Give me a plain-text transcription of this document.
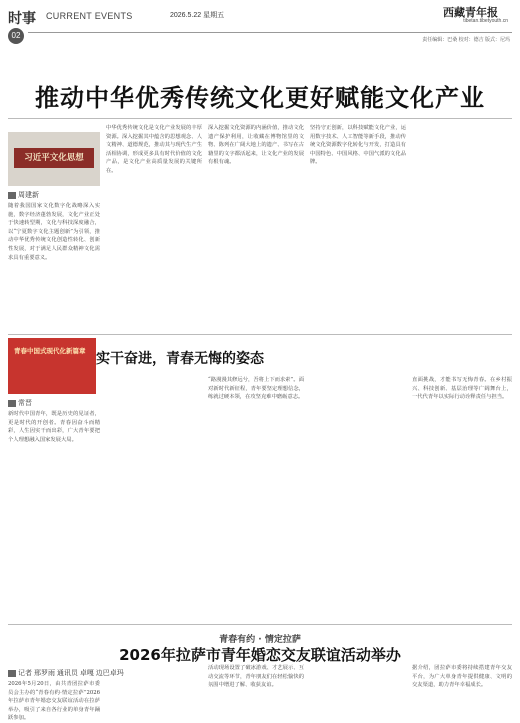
时事 CURRENT EVENTS
02
2026.5.22 星期五	西藏青年报
tibetan.tibetyouth.cn
责任编辑：巴桑 校对：德吉 版式：尼玛
推动中华优秀传统文化更好赋能文化产业
习近平文化思想
周建新

随着我国国家文化数字化战略深入实施，数字经济蓬勃发展，文化产业正处于快速转型期，文化与科技深度融合，以“宁夏数字文化主题创新”为引领，推动中华优秀传统文化创造性转化、创新性发展，对于满足人民群众精神文化需求具有重要意义。

中华优秀传统文化是文化产业发展的丰厚资源。深入挖掘其中蕴含的思想观念、人文精神、道德规范，推动其与现代生产生活相协调，形成更多具有时代价值的文化产品，是文化产业高质量发展的关键所在。

深入挖掘文化资源的内涵价值，推动文化遗产保护利用，让收藏在博物馆里的文物、陈列在广阔大地上的遗产、书写在古籍里的文字都活起来，让文化产业的发展有根有魂。

坚持守正创新，以科技赋能文化产业，运用数字技术、人工智能等新手段，推动传统文化资源数字化转化与开发，打造具有中国特色、中国风格、中国气派的文化品牌。

青春中国式现代化新篇章 实干奋进，青春无悔的姿态
常晋

新时代中国青年，既是历史的见证者，更是时代的开创者。青春因奋斗而精彩，人生因实干而出彩，广大青年要把个人理想融入国家发展大局。

“路漫漫其修远兮，吾将上下而求索”。面对新时代新征程，青年要坚定理想信念，练就过硬本领，在攻坚克难中磨砺意志。

直面挑战，才能书写无悔青春。在乡村振兴、科技创新、基层治理等广阔舞台上，一代代青年以实际行动诠释责任与担当。

青春有约 · 情定拉萨
2026年拉萨市青年婚恋交友联谊活动举办
记者 邢罗雨 通讯员 卓嘎 边巴卓玛

2026年5月20日，由共青团拉萨市委员会主办的“青春有约·情定拉萨”2026年拉萨市青年婚恋交友联谊活动在拉萨举办，吸引了来自各行业的单身青年踊跃参加。

活动现场设置了破冰游戏、才艺展示、互动交流等环节，青年朋友们在轻松愉快的氛围中增进了解、收获友谊。

据介绍，团拉萨市委将持续搭建青年交友平台，为广大单身青年提供健康、文明的交友渠道，助力青年幸福成长。
